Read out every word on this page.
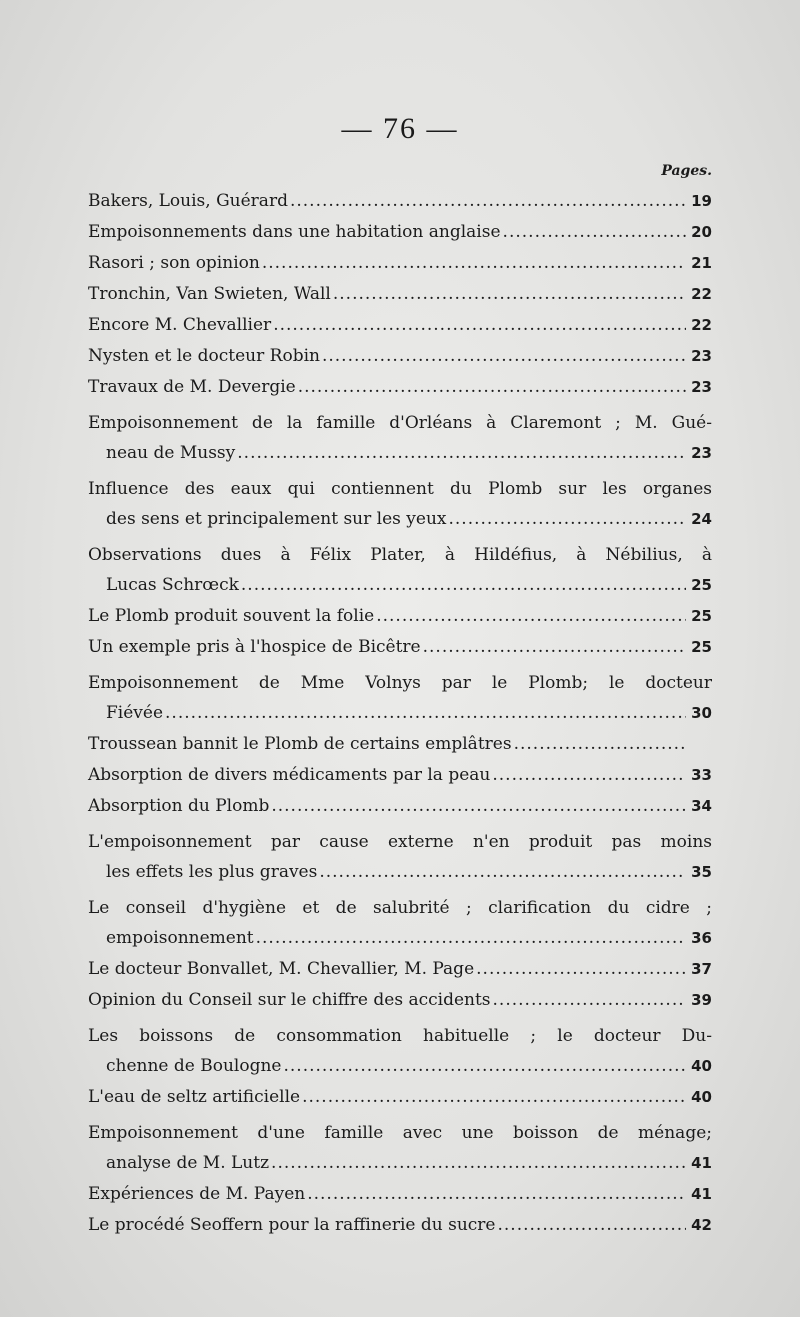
— 76 —
Pages.
Bakers, Louis, Guérard .....	19
Empoisonnements dans une habitation anglaise .....	20
Rasori ; son opinion .....	21
Tronchin, Van Swieten, Wall .....	22
Encore M. Chevallier .....	22
Nysten et le docteur Robin .....	23
Travaux de M. Devergie .....	23
Empoisonnement de la famille d'Orléans à Claremont ; M. Gué-
neau de Mussy .....	23
Influence des eaux qui contiennent du Plomb sur les organes
des sens et principalement sur les yeux .....	24
Observations dues à Félix Plater, à Hildéfius, à Nébilius, à
Lucas Schrœck .....	25
Le Plomb produit souvent la folie .....	25
Un exemple pris à l'hospice de Bicêtre .....	25
Empoisonnement de Mme Volnys par le Plomb; le docteur
Fiévée .....	30
Troussean bannit le Plomb de certains emplâtres
.....
Absorption de divers médicaments par la peau .....	33
Absorption du Plomb .....	34
L'empoisonnement par cause externe n'en produit pas moins
les effets les plus graves .....	35
Le conseil d'hygiène et de salubrité ; clarification du cidre ;
empoisonnement .....	36
Le docteur Bonvallet, M. Chevallier, M. Page .....	37
Opinion du Conseil sur le chiffre des accidents .....	39
Les boissons de consommation habituelle ; le docteur Du-
chenne de Boulogne .....	40
L'eau de seltz artificielle .....	40
Empoisonnement d'une famille avec une boisson de ménage;
analyse de M. Lutz .....	41
Expériences de M. Payen .....	41
Le procédé Seoffern pour la raffinerie du sucre .....	42
